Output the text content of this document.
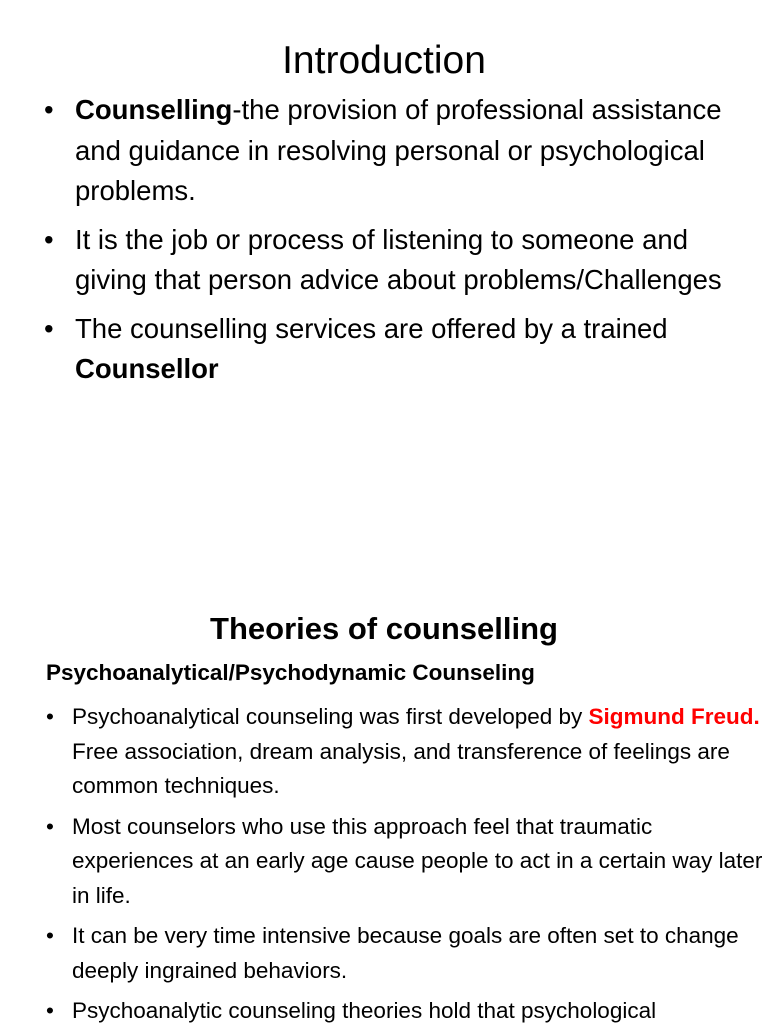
Introduction
• Counselling-the provision of professional assistance and guidance in resolving personal or psychological problems.
• It is the job or process of listening to someone and giving that person advice about problems/Challenges
• The counselling services are offered by a trained Counsellor
Theories of counselling
Psychoanalytical/Psychodynamic Counseling
• Psychoanalytical counseling was first developed by Sigmund Freud. Free association, dream analysis, and transference of feelings are common techniques.
• Most counselors who use this approach feel that traumatic experiences at an early age cause people to act in a certain way later in life.
• It can be very time intensive because goals are often set to change deeply ingrained behaviors.
• Psychoanalytic counseling theories hold that psychological
